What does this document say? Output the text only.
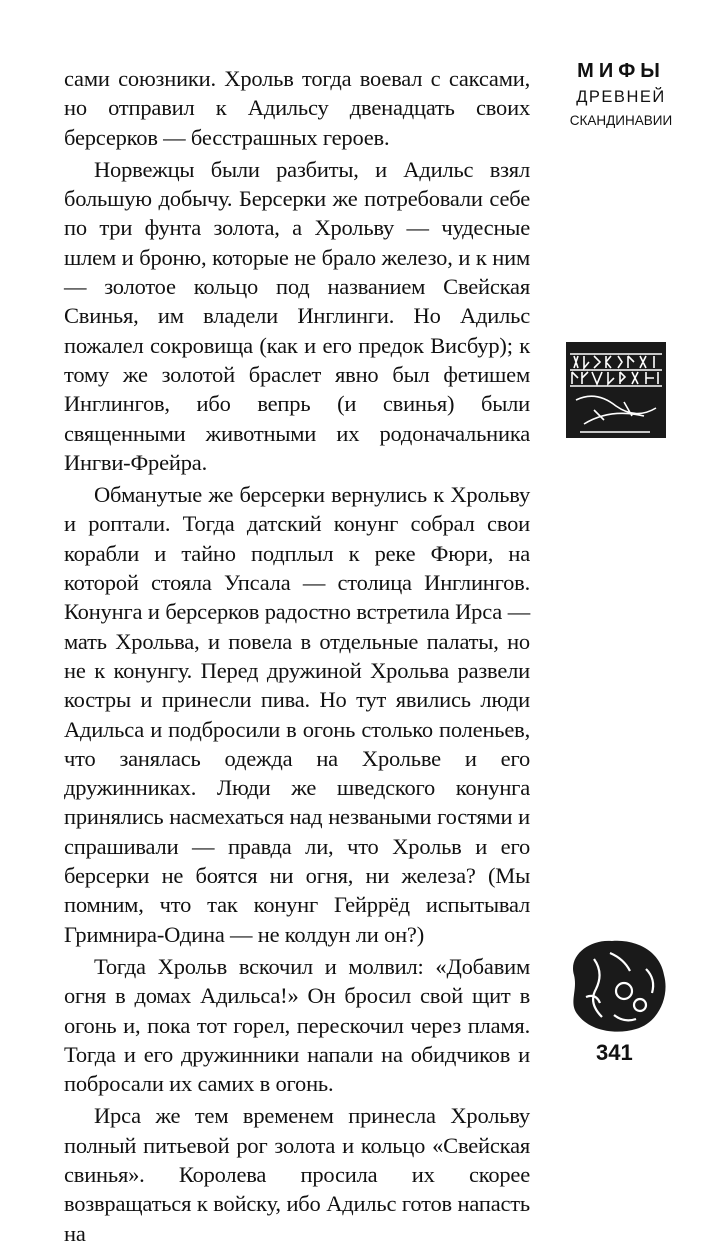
МИФЫ
ДРЕВНЕЙ
СКАНДИНАВИИ

сами союзники. Хрольв тогда воевал с саксами, но отправил к Адильсу двенадцать своих берсерков — бесстрашных героев.

Норвежцы были разбиты, и Адильс взял большую добычу. Берсерки же потребовали себе по три фунта золота, а Хрольву — чудесные шлем и броню, которые не брало железо, и к ним — золотое кольцо под названием Свейская Свинья, им владели Инглинги. Но Адильс пожалел сокровища (как и его предок Висбур); к тому же золотой браслет явно был фетишем Инглингов, ибо вепрь (и свинья) были священными животными их родоначальника Ингви-Фрейра.

Обманутые же берсерки вернулись к Хрольву и роптали. Тогда датский конунг собрал свои корабли и тайно подплыл к реке Фюри, на которой стояла Упсала — столица Инглингов. Конунга и берсерков радостно встретила Ирса — мать Хрольва, и повела в отдельные палаты, но не к конунгу. Перед дружиной Хрольва развели костры и принесли пива. Но тут явились люди Адильса и подбросили в огонь столько поленьев, что занялась одежда на Хрольве и его дружинниках. Люди же шведского конунга принялись насмехаться над незваными гостями и спрашивали — правда ли, что Хрольв и его берсерки не боятся ни огня, ни железа? (Мы помним, что так конунг Гейррёд испытывал Гримнира-Одина — не колдун ли он?)

Тогда Хрольв вскочил и молвил: «Добавим огня в домах Адильса!» Он бросил свой щит в огонь и, пока тот горел, перескочил через пламя. Тогда и его дружинники напали на обидчиков и побросали их самих в огонь.

Ирса же тем временем принесла Хрольву полный питьевой рог золота и кольцо «Свейская свинья». Королева просила их скорее возвращаться к войску, ибо Адильс готов напасть на

341
